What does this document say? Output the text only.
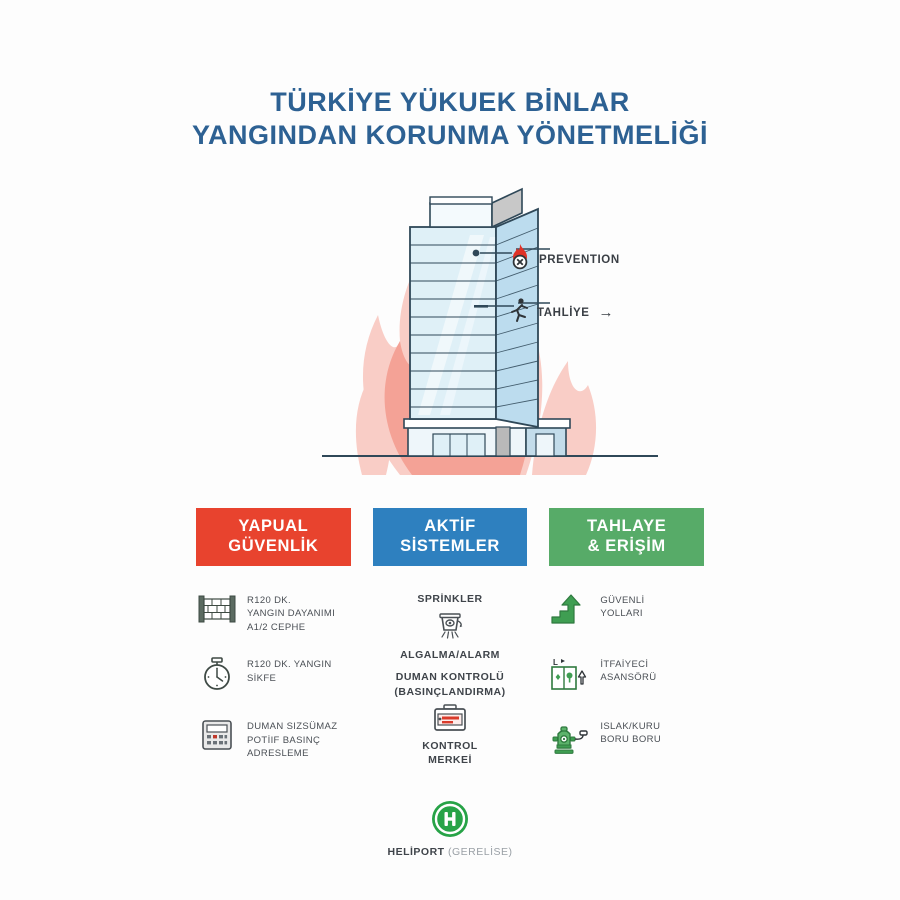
TÜRKİYE YÜKUEK BİNLAR
YANGINDAN KORUNMA YÖNETMELİĞİ
PREVENTION
TAHLİYE →
YAPUAL
GÜVENLİK
R120 DK.
YANGIN DAYANIMI
A1/2 CEPHE
R120 DK. YANGIN
SİKFE
DUMAN SIZSÜMAZ
POTİIF BASINÇ
ADRESLEME
AKTİF
SİSTEMLER
SPRİNKLER
ALGALMA/ALARM
DUMAN KONTROLÜ
(BASINÇLANDIRMA)
KONTROL
MERKEİ
HELİPORT (GERELİSE)
TAHLAYE
& ERİŞİM
GÜVENLİ
YOLLARI
L	İTFAİYECİ
ASANSÖRÜ
ISLAK/KURU
BORU BORU
